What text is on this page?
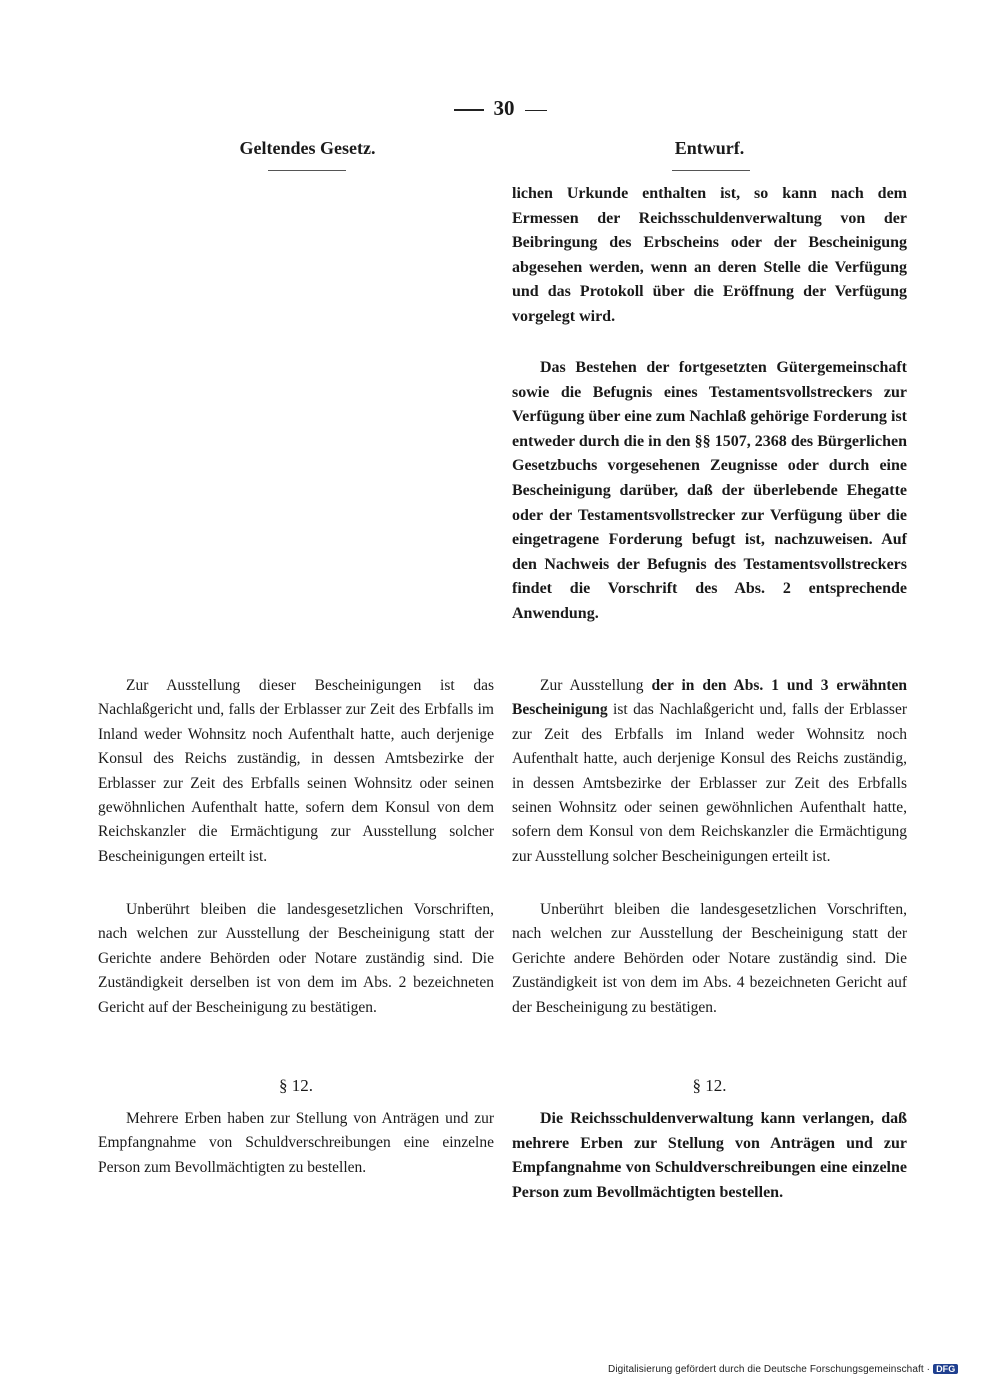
30
Geltendes Gesetz.	Entwurf.
lichen Urkunde enthalten ist, so kann nach dem Ermessen der Reichsschuldenverwaltung von der Beibringung des Erbscheins oder der Bescheinigung abgesehen werden, wenn an deren Stelle die Verfügung und das Protokoll über die Eröffnung der Verfügung vorgelegt wird.
Das Bestehen der fortgesetzten Gütergemeinschaft sowie die Befugnis eines Testamentsvollstreckers zur Verfügung über eine zum Nachlaß gehörige Forderung ist entweder durch die in den §§ 1507, 2368 des Bürgerlichen Gesetzbuchs vorgesehenen Zeugnisse oder durch eine Bescheinigung darüber, daß der überlebende Ehegatte oder der Testamentsvollstrecker zur Verfügung über die eingetragene Forderung befugt ist, nachzuweisen. Auf den Nachweis der Befugnis des Testamentsvollstreckers findet die Vorschrift des Abs. 2 entsprechende Anwendung.
Zur Ausstellung der in den Abs. 1 und 3 erwähnten Bescheinigung ist das Nachlaßgericht und, falls der Erblasser zur Zeit des Erbfalls im Inland weder Wohnsitz noch Aufenthalt hatte, auch derjenige Konsul des Reichs zuständig, in dessen Amtsbezirke der Erblasser zur Zeit des Erbfalls seinen Wohnsitz oder seinen gewöhnlichen Aufenthalt hatte, sofern dem Konsul von dem Reichskanzler die Ermächtigung zur Ausstellung solcher Bescheinigungen erteilt ist.
Unberührt bleiben die landesgesetzlichen Vorschriften, nach welchen zur Ausstellung der Bescheinigung statt der Gerichte andere Behörden oder Notare zuständig sind. Die Zuständigkeit ist von dem im Abs. 4 bezeichneten Gericht auf der Bescheinigung zu bestätigen.
§ 12.
Die Reichsschuldenverwaltung kann verlangen, daß mehrere Erben zur Stellung von Anträgen und zur Empfangnahme von Schuldverschreibungen eine einzelne Person zum Bevollmächtigten bestellen.
Zur Ausstellung dieser Bescheinigungen ist das Nachlaßgericht und, falls der Erblasser zur Zeit des Erbfalls im Inland weder Wohnsitz noch Aufenthalt hatte, auch derjenige Konsul des Reichs zuständig, in dessen Amtsbezirke der Erblasser zur Zeit des Erbfalls seinen Wohnsitz oder seinen gewöhnlichen Aufenthalt hatte, sofern dem Konsul von dem Reichskanzler die Ermächtigung zur Ausstellung solcher Bescheinigungen erteilt ist.
Unberührt bleiben die landesgesetzlichen Vorschriften, nach welchen zur Ausstellung der Bescheinigung statt der Gerichte andere Behörden oder Notare zuständig sind. Die Zuständigkeit derselben ist von dem im Abs. 2 bezeichneten Gericht auf der Bescheinigung zu bestätigen.
§ 12.
Mehrere Erben haben zur Stellung von Anträgen und zur Empfangnahme von Schuldverschreibungen eine einzelne Person zum Bevollmächtigten zu bestellen.
Digitalisierung gefördert durch die Deutsche Forschungsgemeinschaft · DFG
